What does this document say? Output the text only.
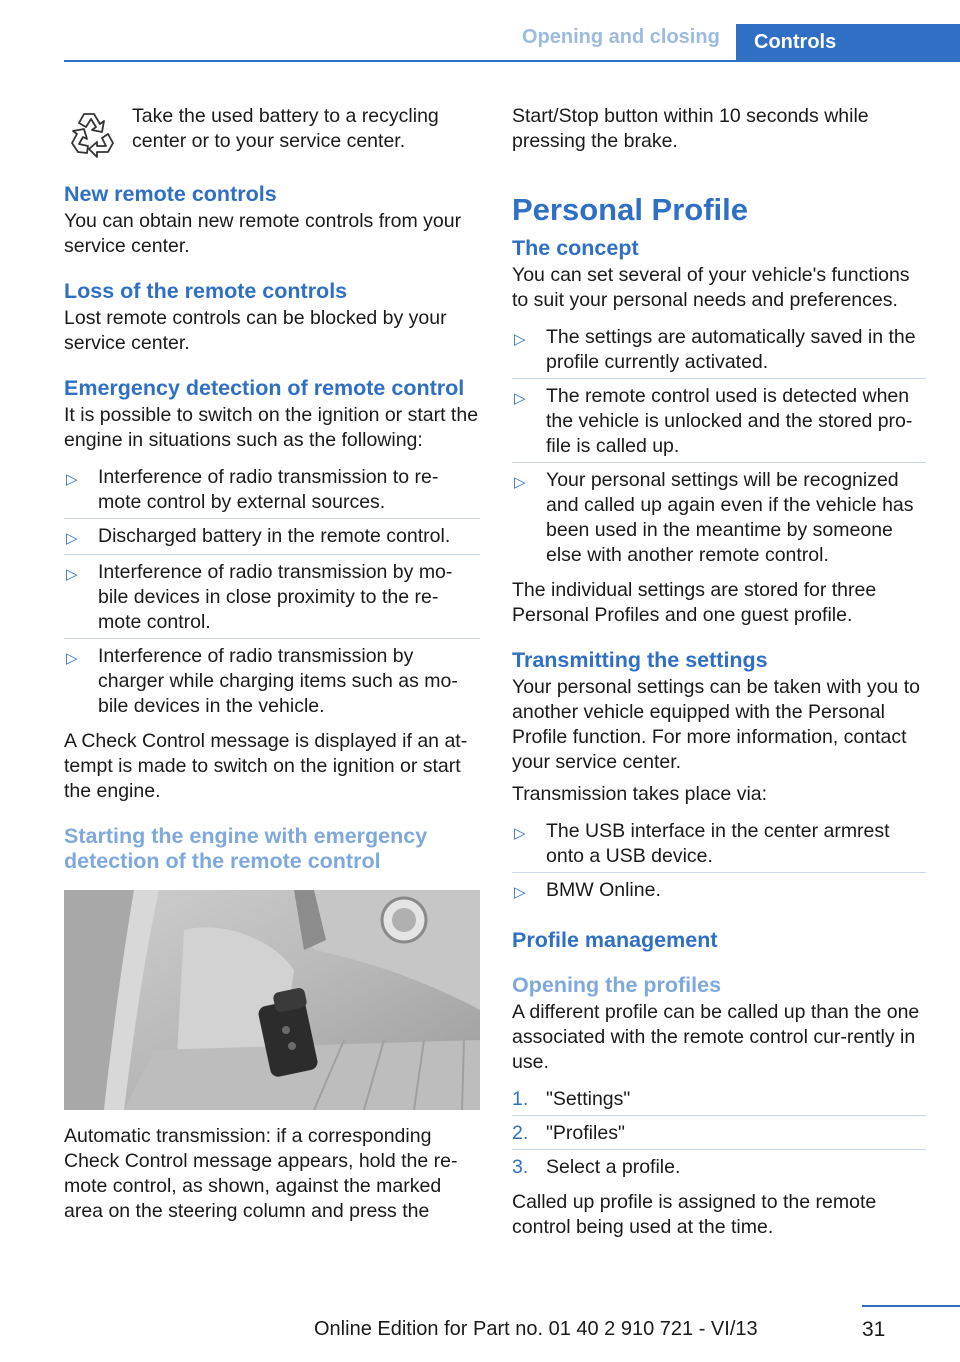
Opening and closing Controls

Take the used battery to a recycling center or to your service center.

New remote controls

You can obtain new remote controls from your service center.

Loss of the remote controls

Lost remote controls can be blocked by your service center.

Emergency detection of remote control

It is possible to switch on the ignition or start the engine in situations such as the following:

▷	Interference of radio transmission to re‐mote control by external sources.
▷	Discharged battery in the remote control.
▷	Interference of radio transmission by mo‐bile devices in close proximity to the re‐mote control.
▷	Interference of radio transmission by charger while charging items such as mo‐bile devices in the vehicle.

A Check Control message is displayed if an at‐tempt is made to switch on the ignition or start the engine.

Starting the engine with emergency detection of the remote control

Automatic transmission: if a corresponding Check Control message appears, hold the re‐mote control, as shown, against the marked area on the steering column and press the

Start/Stop button within 10 seconds while pressing the brake.

Personal Profile
The concept

You can set several of your vehicle's functions to suit your personal needs and preferences.

▷	The settings are automatically saved in the profile currently activated.
▷	The remote control used is detected when the vehicle is unlocked and the stored pro‐file is called up.
▷	Your personal settings will be recognized and called up again even if the vehicle has been used in the meantime by someone else with another remote control.

The individual settings are stored for three Personal Profiles and one guest profile.

Transmitting the settings

Your personal settings can be taken with you to another vehicle equipped with the Personal Profile function. For more information, contact your service center.

Transmission takes place via:

▷	The USB interface in the center armrest onto a USB device.
▷	BMW Online.
Profile management
Opening the profiles

A different profile can be called up than the one associated with the remote control cur‐rently in use.

1. "Settings"
2. "Profiles"
3. Select a profile.

Called up profile is assigned to the remote control being used at the time.

Online Edition for Part no. 01 40 2 910 721 - VI/13	31
